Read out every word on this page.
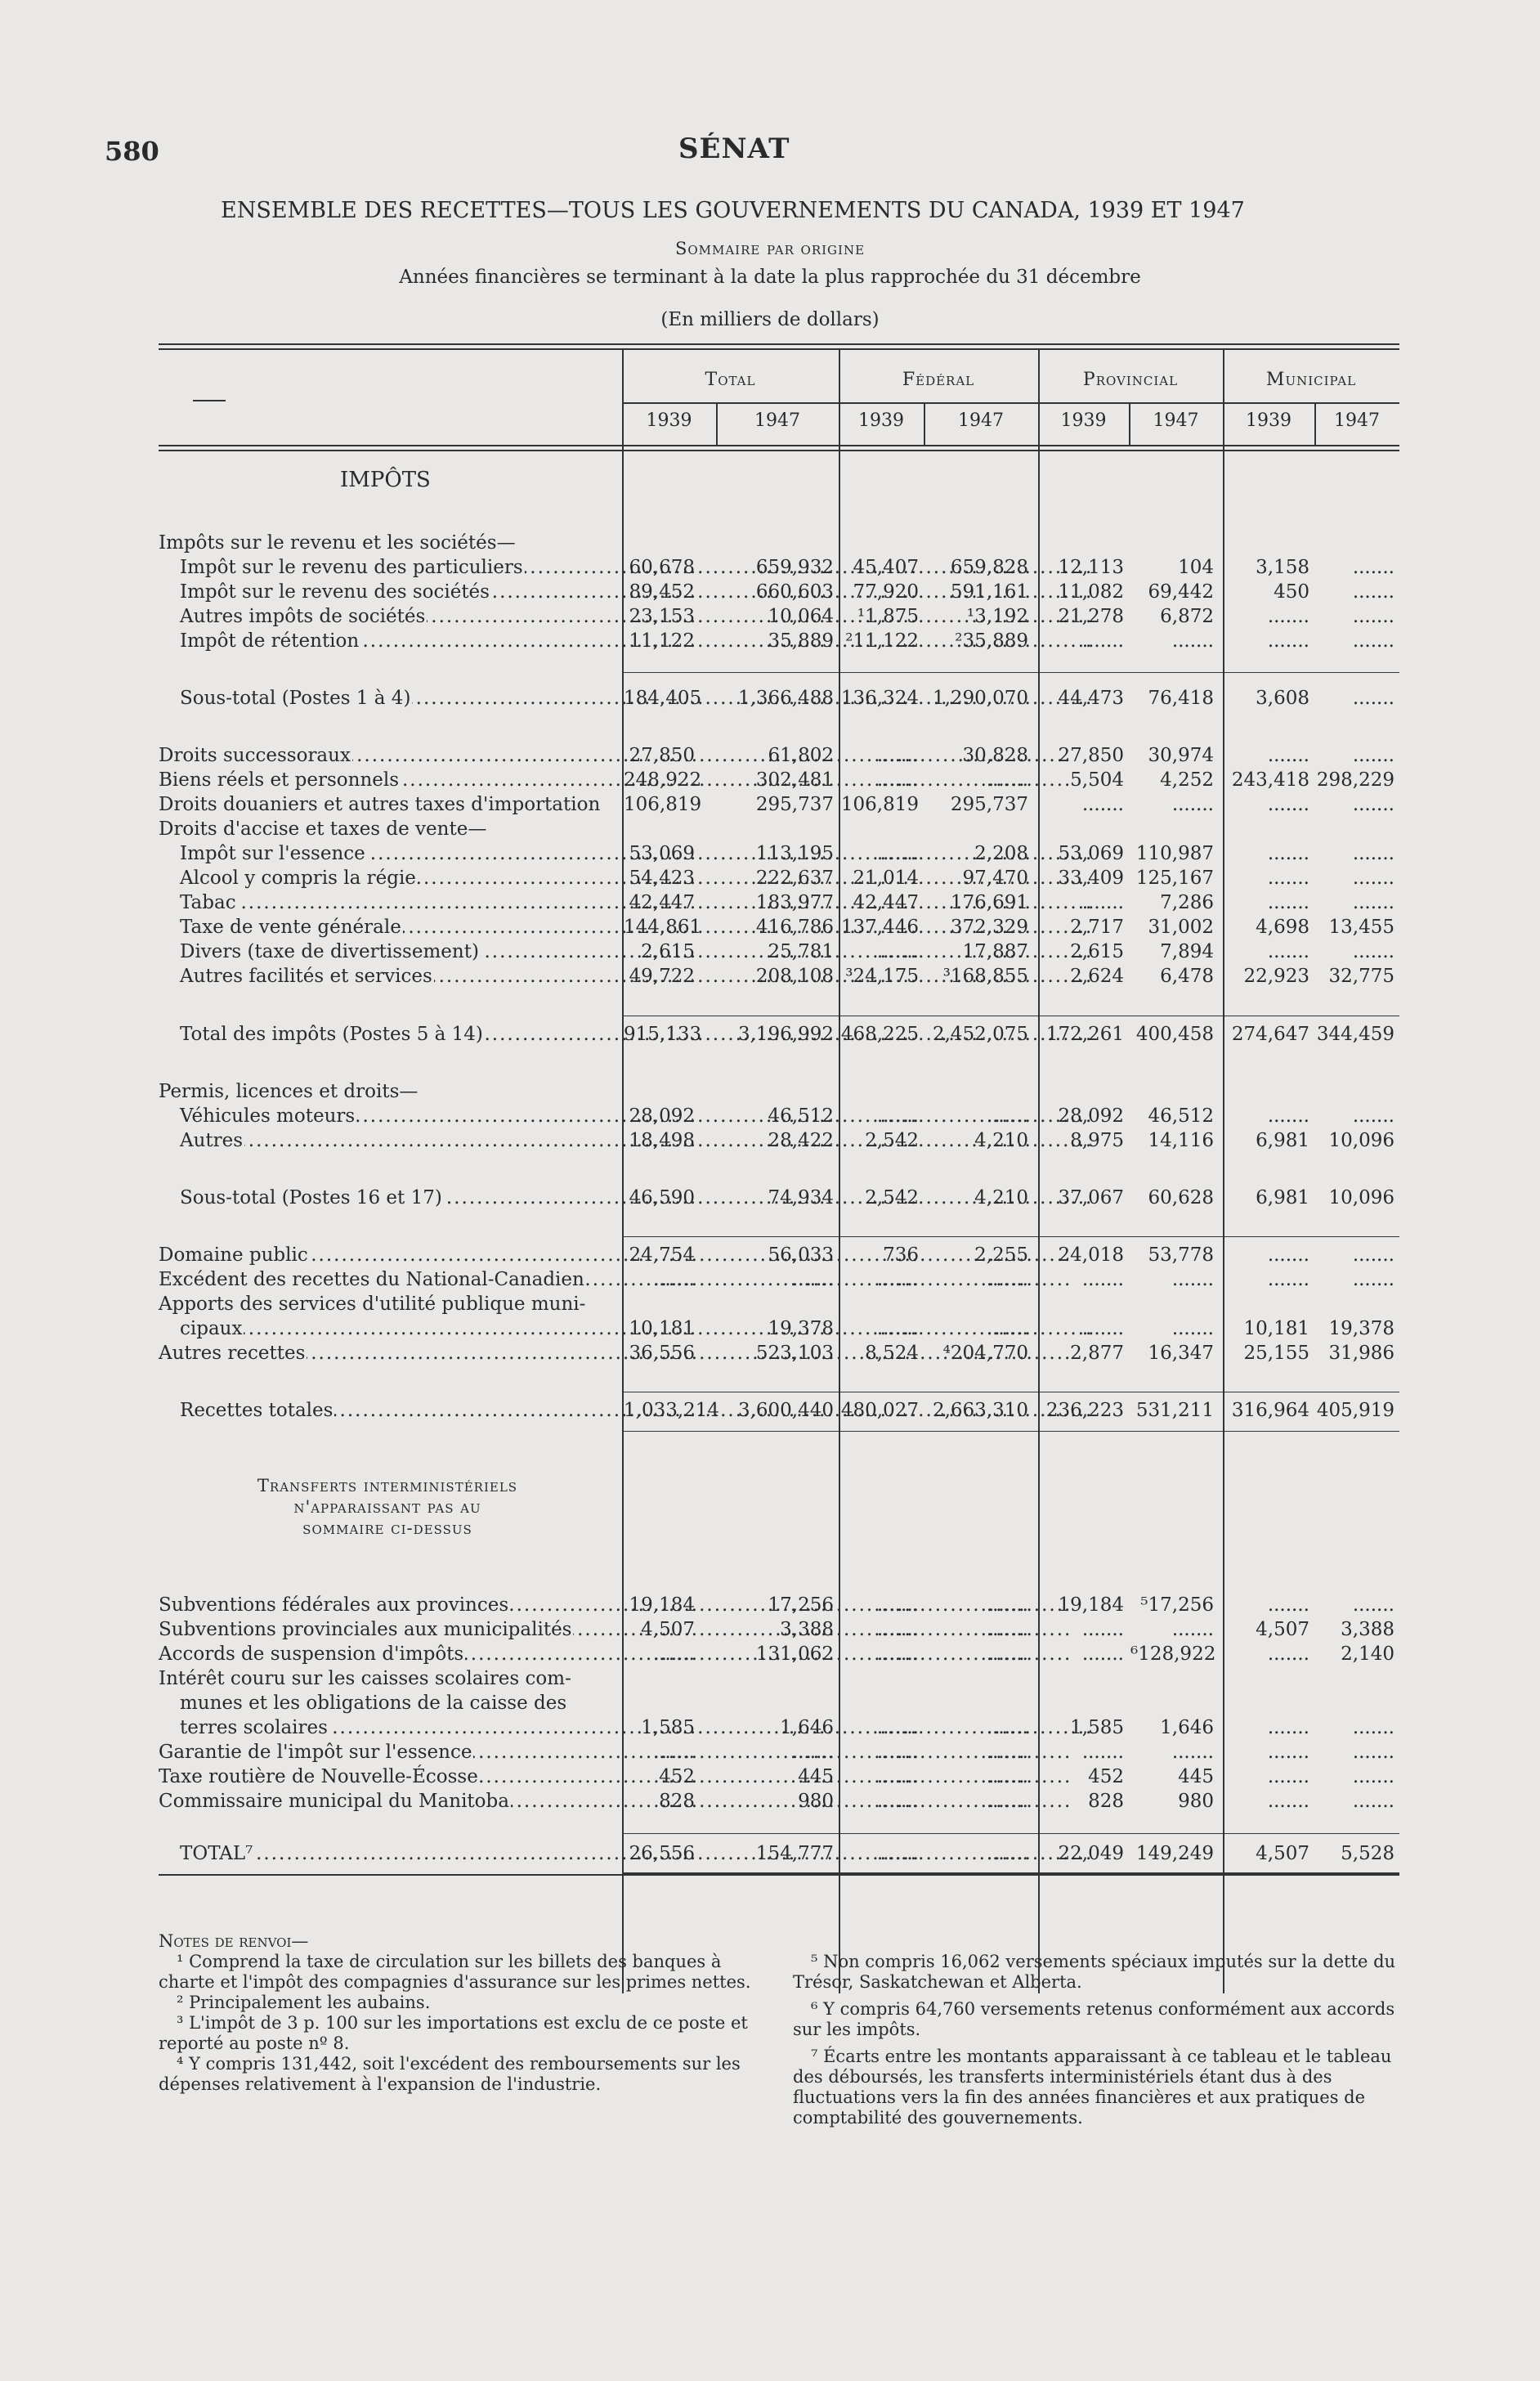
580	SÉNAT
ENSEMBLE DES RECETTES—TOUS LES GOUVERNEMENTS DU CANADA, 1939 ET 1947
Sommaire par origine
Années financières se terminant à la date la plus rapprochée du 31 décembre
(En milliers de dollars)
Total	Fédéral	Provincial	Municipal
1939	1947	1939	1947	1939	1947	1939	1947
IMPÔTS
Impôts sur le revenu et les sociétés—
Impôt sur le revenu des particuliers .....	60,678	659,932	45,407	659,828	12,113	104	3,158	.......
Impôt sur le revenu des sociétés .....	89,452	660,603	77,920	591,161	11,082	69,442	450	.......
Autres impôts de sociétés .....	23,153	10,064	¹1,875	¹3,192	21,278	6,872	.......	.......
Impôt de rétention .....	11,122	35,889 ²11,122	²35,889	.......	.......	.......	.......
Sous-total (Postes 1 à 4) .....	184,405	1,366,488 136,324 1,290,070	44,473	76,418	3,608	.......
Droits successoraux .....	27,850	61,802	.......	30,828	27,850	30,974	.......	.......
Biens réels et personnels .....	248,922	302,481	.......	.......	5,504	4,252 243,418 298,229
Droits douaniers et autres taxes d'importation	106,819	295,737 106,819	295,737	.......	.......	.......	.......
Droits d'accise et taxes de vente—
Impôt sur l'essence .....	53,069	113,195	.......	2,208	53,069 110,987	.......	.......
Alcool y compris la régie .....	54,423	222,637	21,014	97,470	33,409 125,167	.......	.......
Tabac .....	42,447	183,977	42,447	176,691	.......	7,286	.......	.......
Taxe de vente générale .....	144,861	416,786 137,446	372,329	2,717	31,002	4,698	13,455
Divers (taxe de divertissement) .....	2,615	25,781	.......	17,887	2,615	7,894	.......	.......
Autres facilités et services .....	49,722	208,108 ³24,175	³168,855	2,624	6,478	22,923	32,775
Total des impôts (Postes 5 à 14) .....	915,133	3,196,992 468,225 2,452,075 172,261 400,458 274,647 344,459
Permis, licences et droits—
Véhicules moteurs .....	28,092	46,512	.......	.......	28,092	46,512	.......	.......
Autres .....	18,498	28,422	2,542	4,210	8,975	14,116	6,981	10,096
Sous-total (Postes 16 et 17) .....	46,590	74,934	2,542	4,210	37,067	60,628	6,981	10,096
Domaine public .....	24,754	56,033	736	2,255	24,018	53,778	.......	.......
Excédent des recettes du National-Canadien .....	.......	.......	.......	.......	.......	.......	.......	.......
Apports des services d'utilité publique muni-
cipaux .....	10,181	19,378	.......	.......	.......	.......	10,181	19,378
Autres recettes .....	36,556	523,103	8,524	⁴204,770	2,877	16,347	25,155	31,986
Recettes totales .....	1,033,214 3,600,440 480,027 2,663,310 236,223 531,211 316,964 405,919
Transferts interministériels
n'apparaissant pas au
sommaire ci-dessus
Subventions fédérales aux provinces .....	19,184	17,256	.......	.......	19,184 ⁵17,256	.......	.......
Subventions provinciales aux municipalités .....	4,507	3,388	.......	.......	.......	.......	4,507	3,388
Accords de suspension d'impôts .....	.......	131,062	.......	.......	....... ⁶128,922	.......	2,140
Intérêt couru sur les caisses scolaires com-
munes et les obligations de la caisse des
terres scolaires .....	1,585	1,646	.......	.......	1,585	1,646	.......	.......
Garantie de l'impôt sur l'essence .....	.......	.......	.......	.......	.......	.......	.......	.......
Taxe routière de Nouvelle-Écosse .....	452	445	.......	.......	452	445	.......	.......
Commissaire municipal du Manitoba .....	828	980	.......	.......	828	980	.......	.......
TOTAL⁷ .....	26,556	154,777	.......	.......	22,049 149,249	4,507	5,528

Notes de renvoi—

¹ Comprend la taxe de circulation sur les billets des banques à charte et l'impôt des compagnies d'assurance sur les primes nettes.

² Principalement les aubains.

³ L'impôt de 3 p. 100 sur les importations est exclu de ce poste et reporté au poste nº 8.

⁴ Y compris 131,442, soit l'excédent des remboursements sur les dépenses relativement à l'expansion de l'industrie.

⁵ Non compris 16,062 versements spéciaux imputés sur la dette du Trésor, Saskatchewan et Alberta.

⁶ Y compris 64,760 versements retenus conformément aux accords sur les impôts.

⁷ Écarts entre les montants apparaissant à ce tableau et le tableau des déboursés, les transferts interministériels étant dus à des fluctuations vers la fin des années financières et aux pratiques de comptabilité des gouvernements.
